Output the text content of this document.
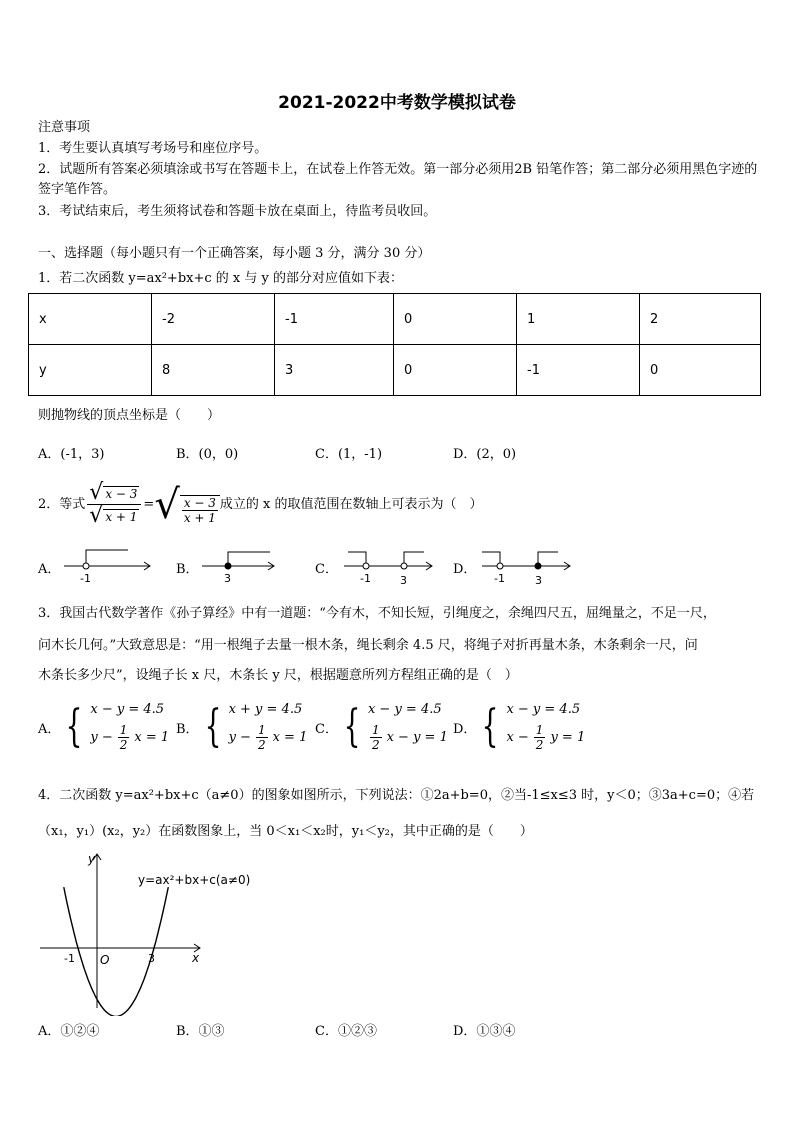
2021-2022中考数学模拟试卷
注意事项
1．考生要认真填写考场号和座位序号。
2．试题所有答案必须填涂或书写在答题卡上，在试卷上作答无效。第一部分必须用2B 铅笔作答；第二部分必须用黑色字迹的签字笔作答。
3．考试结束后，考生须将试卷和答题卡放在桌面上，待监考员收回。
一、选择题（每小题只有一个正确答案，每小题 3 分，满分 30 分）
1．若二次函数 y=ax²+bx+c 的 x 与 y 的部分对应值如下表：
x	-2	-1	0	1	2
y	8	3	0	-1	0
则抛物线的顶点坐标是（　　）
A．(-1，3)	B．(0，0)	C．(1，-1)	D．(2，0)
2．等式 $\frac{√ x - 3}{√ x + 1}$ = √ $\frac{x - 3}{x + 1}$ 成立的 x 的取值范围在数轴上可表示为（　）
A．
-1
B．
3
C．
-1	3
D．
-1	3
3．我国古代数学著作《孙子算经》中有一道题：“今有木，不知长短，引绳度之，余绳四尺五，屈绳量之，不足一尺，
问木长几何。”大致意思是：“用一根绳子去量一根木条，绳长剩余 4.5 尺，将绳子对折再量木条，木条剩余一尺，问
木条长多少尺”，设绳子长 x 尺，木条长 y 尺，根据题意所列方程组正确的是（　）
A． { x − y = 4.5
$y - \frac{1}{2}$ x = 1
B． { x + y = 4.5
$y - \frac{1}{2}$ x = 1
C． { x − y = 4.5
$\frac{1}{2}$ x − y = 1
D． { x − y = 4.5
$x - \frac{1}{2}$ y = 1
4．二次函数 y=ax²+bx+c（a≠0）的图象如图所示，下列说法：①2a+b=0，②当-1≤x≤3 时，y＜0；③3a+c=0；④若
（x₁，y₁）(x₂，y₂）在函数图象上，当 0＜x₁＜x₂时，y₁＜y₂，其中正确的是（　　）
y
x
O
-1	3
y=ax²+bx+c(a≠0)
A．①②④	B．①③	C．①②③	D．①③④
